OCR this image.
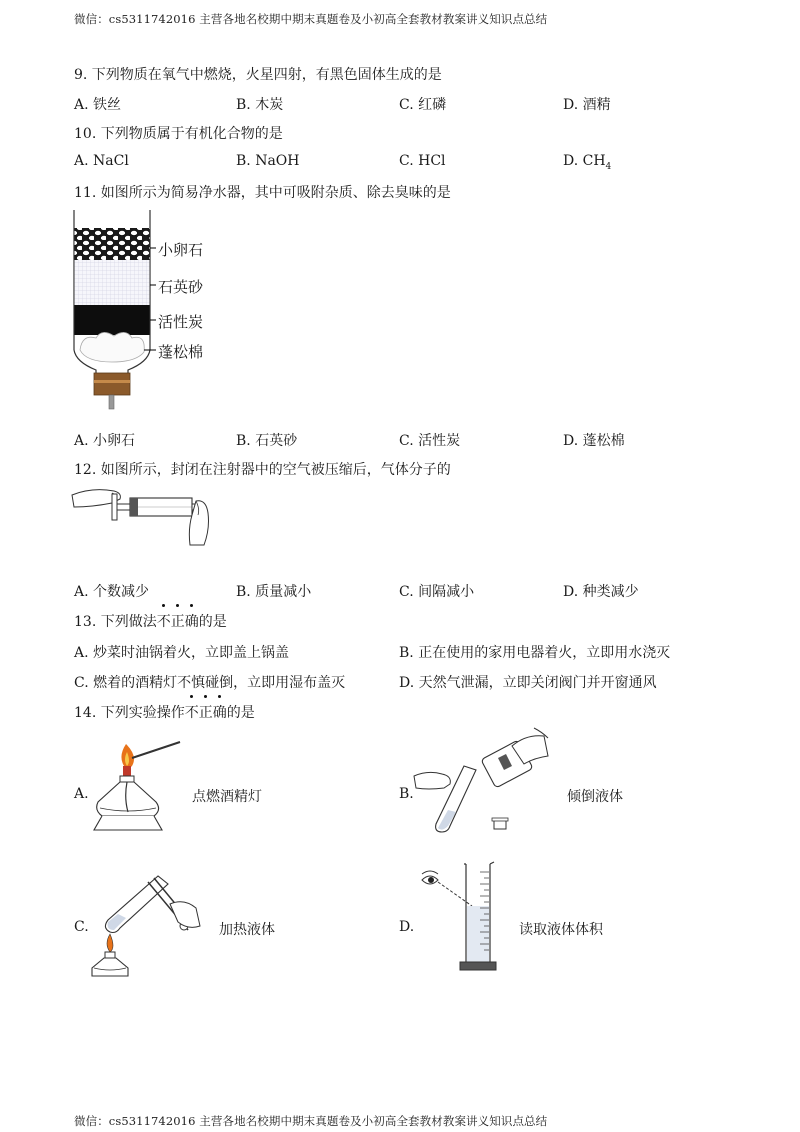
微信：cs5311742016 主营各地名校期中期末真题卷及小初高全套教材教案讲义知识点总结
9. 下列物质在氧气中燃烧，火星四射，有黑色固体生成的是
A. 铁丝	B. 木炭	C. 红磷	D. 酒精
10. 下列物质属于有机化合物的是
A. NaCl	B. NaOH	C. HCl	D. $CH_4$
11. 如图所示为简易净水器，其中可吸附杂质、除去臭味的是
小卵石
石英砂
活性炭
蓬松棉
A. 小卵石	B. 石英砂	C. 活性炭	D. 蓬松棉
12. 如图所示，封闭在注射器中的空气被压缩后，气体分子的
A. 个数减少	B. 质量减小	C. 间隔减小	D. 种类减少
13. 下列做法不正确的是
A. 炒菜时油锅着火，立即盖上锅盖	B. 正在使用的家用电器着火，立即用水浇灭
C. 燃着的酒精灯不慎碰倒，立即用湿布盖灭	D. 天然气泄漏，立即关闭阀门并开窗通风
14. 下列实验操作不正确的是
A.	点燃酒精灯	B.	倾倒液体
C.	加热液体	D.	读取液体体积
微信：cs5311742016 主营各地名校期中期末真题卷及小初高全套教材教案讲义知识点总结
